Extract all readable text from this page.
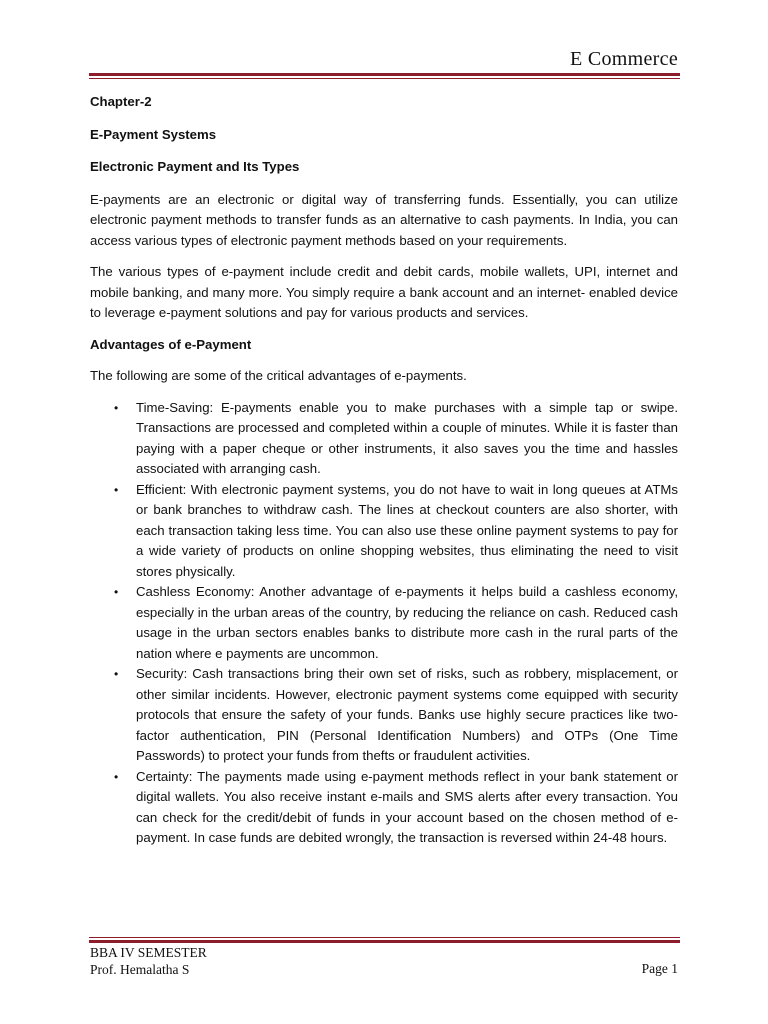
E Commerce

Chapter-2

E-Payment Systems

Electronic Payment and Its Types

E-payments are an electronic or digital way of transferring funds. Essentially, you can utilize electronic payment methods to transfer funds as an alternative to cash payments. In India, you can access various types of electronic payment methods based on your requirements.

The various types of e-payment include credit and debit cards, mobile wallets, UPI, internet and mobile banking, and many more. You simply require a bank account and an internet- enabled device to leverage e-payment solutions and pay for various products and services.

Advantages of e-Payment

The following are some of the critical advantages of e-payments.

• Time-Saving: E-payments enable you to make purchases with a simple tap or swipe. Transactions are processed and completed within a couple of minutes. While it is faster than paying with a paper cheque or other instruments, it also saves you the time and hassles associated with arranging cash.
• Efficient: With electronic payment systems, you do not have to wait in long queues at ATMs or bank branches to withdraw cash. The lines at checkout counters are also shorter, with each transaction taking less time. You can also use these online payment systems to pay for a wide variety of products on online shopping websites, thus eliminating the need to visit stores physically.
• Cashless Economy: Another advantage of e-payments it helps build a cashless economy, especially in the urban areas of the country, by reducing the reliance on cash. Reduced cash usage in the urban sectors enables banks to distribute more cash in the rural parts of the nation where e payments are uncommon.
• Security: Cash transactions bring their own set of risks, such as robbery, misplacement, or other similar incidents. However, electronic payment systems come equipped with security protocols that ensure the safety of your funds. Banks use highly secure practices like two-factor authentication, PIN (Personal Identification Numbers) and OTPs (One Time Passwords) to protect your funds from thefts or fraudulent activities.
• Certainty: The payments made using e-payment methods reflect in your bank statement or digital wallets. You also receive instant e-mails and SMS alerts after every transaction. You can check for the credit/debit of funds in your account based on the chosen method of e-payment. In case funds are debited wrongly, the transaction is reversed within 24-48 hours.
BBA IV SEMESTER
Prof. Hemalatha S	Page 1
